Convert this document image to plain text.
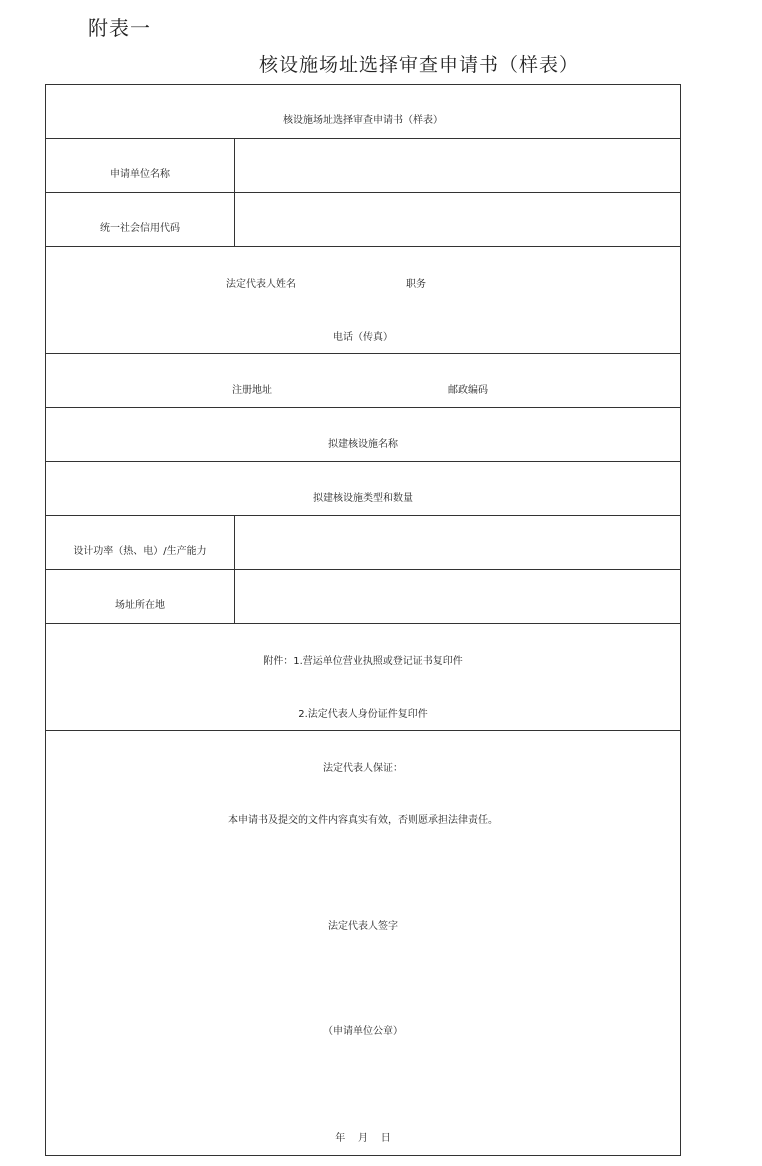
附表一
核设施场址选择审查申请书（样表）
核设施场址选择审查申请书（样表）
申请单位名称
统一社会信用代码
法定代表人姓名	职务
电话（传真）
注册地址	邮政编码
拟建核设施名称
拟建核设施类型和数量
设计功率（热、电）/生产能力
场址所在地
附件：1.营运单位营业执照或登记证书复印件
2.法定代表人身份证件复印件
法定代表人保证：
本申请书及提交的文件内容真实有效，否则愿承担法律责任。
法定代表人签字
（申请单位公章）
年    月    日
